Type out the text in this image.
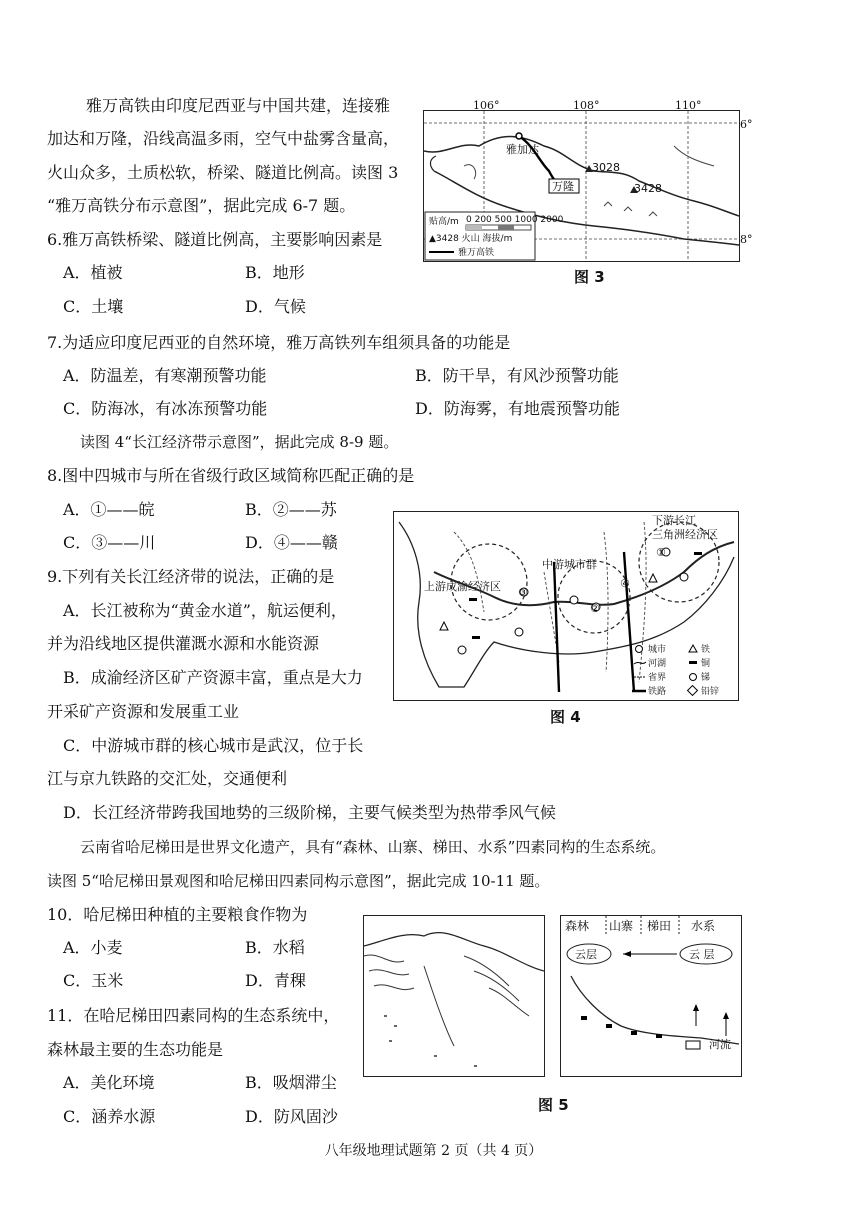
雅万高铁由印度尼西亚与中国共建，连接雅
加达和万隆，沿线高温多雨，空气中盐雾含量高，
火山众多，土质松软，桥梁、隧道比例高。读图 3
“雅万高铁分布示意图”，据此完成 6-7 题。
6.雅万高铁桥梁、隧道比例高，主要影响因素是
A．植被	B．地形
C．土壤	D．气候
雅加达
万隆
3028
3428
贴高/m 0 200 500 1000 2000
▲3428 火山 海拔/m
雅万高铁
106°	108°	110°
6°
8°
图 3
7.为适应印度尼西亚的自然环境，雅万高铁列车组须具备的功能是
A．防温差，有寒潮预警功能	B．防干旱，有风沙预警功能
C．防海冰，有冰冻预警功能	D．防海雾，有地震预警功能
读图 4“长江经济带示意图”，据此完成 8-9 题。
8.图中四城市与所在省级行政区域简称匹配正确的是
A．①——皖	B．②——苏
C．③——川	D．④——赣
下游长江
三角洲经济区
中游城市群
上游成渝经济区
①
②
③
④
城市	铁
河湖	铜
省界	锑
铁路	铅锌
图 4
9.下列有关长江经济带的说法，正确的是
A．长江被称为“黄金水道”，航运便利，
并为沿线地区提供灌溉水源和水能资源
B．成渝经济区矿产资源丰富，重点是大力
开采矿产资源和发展重工业
C．中游城市群的核心城市是武汉，位于长
江与京九铁路的交汇处，交通便利
D．长江经济带跨我国地势的三级阶梯，主要气候类型为热带季风气候
云南省哈尼梯田是世界文化遗产，具有“森林、山寨、梯田、水系”四素同构的生态系统。
读图 5“哈尼梯田景观图和哈尼梯田四素同构示意图”，据此完成 10-11 题。
10．哈尼梯田种植的主要粮食作物为
A．小麦	B．水稻
C．玉米	D．青稞
11．在哈尼梯田四素同构的生态系统中，
森林最主要的生态功能是
A．美化环境	B．吸烟滞尘
C．涵养水源	D．防风固沙
森林 山寨 梯田 水系
云层	云 层
河流
图 5
八年级地理试题第 2 页（共 4 页）
